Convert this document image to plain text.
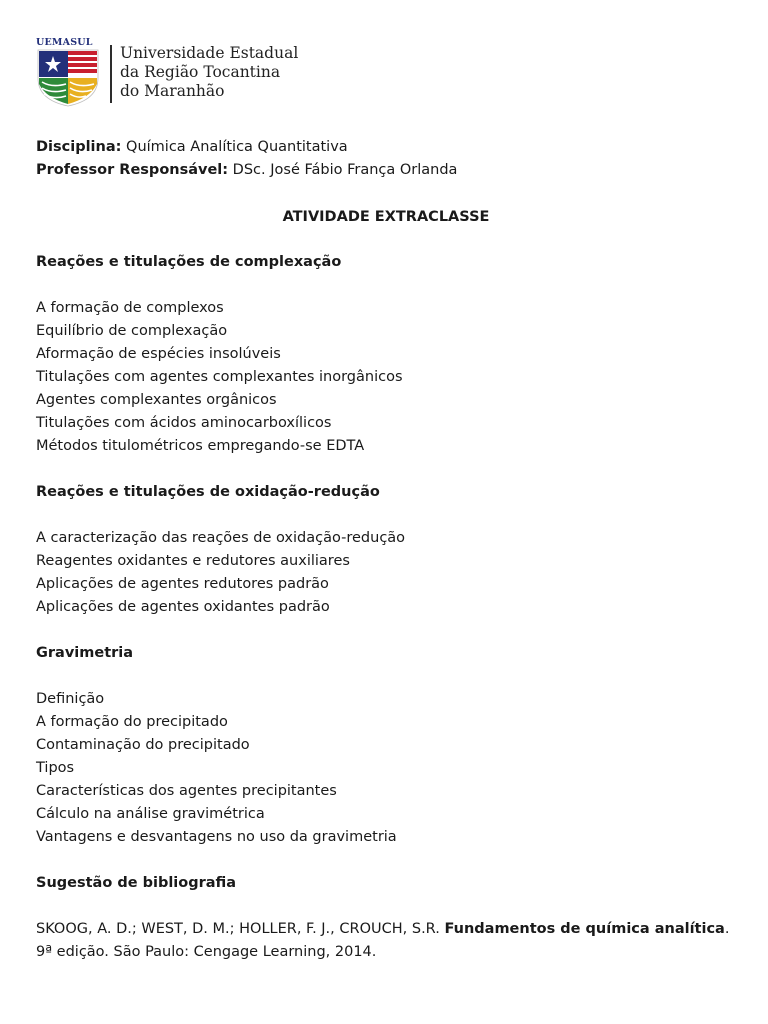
UEMASUL
Universidade Estadual
da Região Tocantina
do Maranhão
Disciplina: Química Analítica Quantitativa
Professor Responsável: DSc. José Fábio França Orlanda
ATIVIDADE EXTRACLASSE
Reações e titulações de complexação
A formação de complexos
Equilíbrio de complexação
Aformação de espécies insolúveis
Titulações com agentes complexantes inorgânicos
Agentes complexantes orgânicos
Titulações com ácidos aminocarboxílicos
Métodos titulométricos empregando-se EDTA
Reações e titulações de oxidação-redução
A caracterização das reações de oxidação-redução
Reagentes oxidantes e redutores auxiliares
Aplicações de agentes redutores padrão
Aplicações de agentes oxidantes padrão
Gravimetria
Definição
A formação do precipitado
Contaminação do precipitado
Tipos
Características dos agentes precipitantes
Cálculo na análise gravimétrica
Vantagens e desvantagens no uso da gravimetria
Sugestão de bibliografia
SKOOG, A. D.; WEST, D. M.; HOLLER, F. J., CROUCH, S.R. Fundamentos de química analítica. 9ª edição. São Paulo: Cengage Learning, 2014.
